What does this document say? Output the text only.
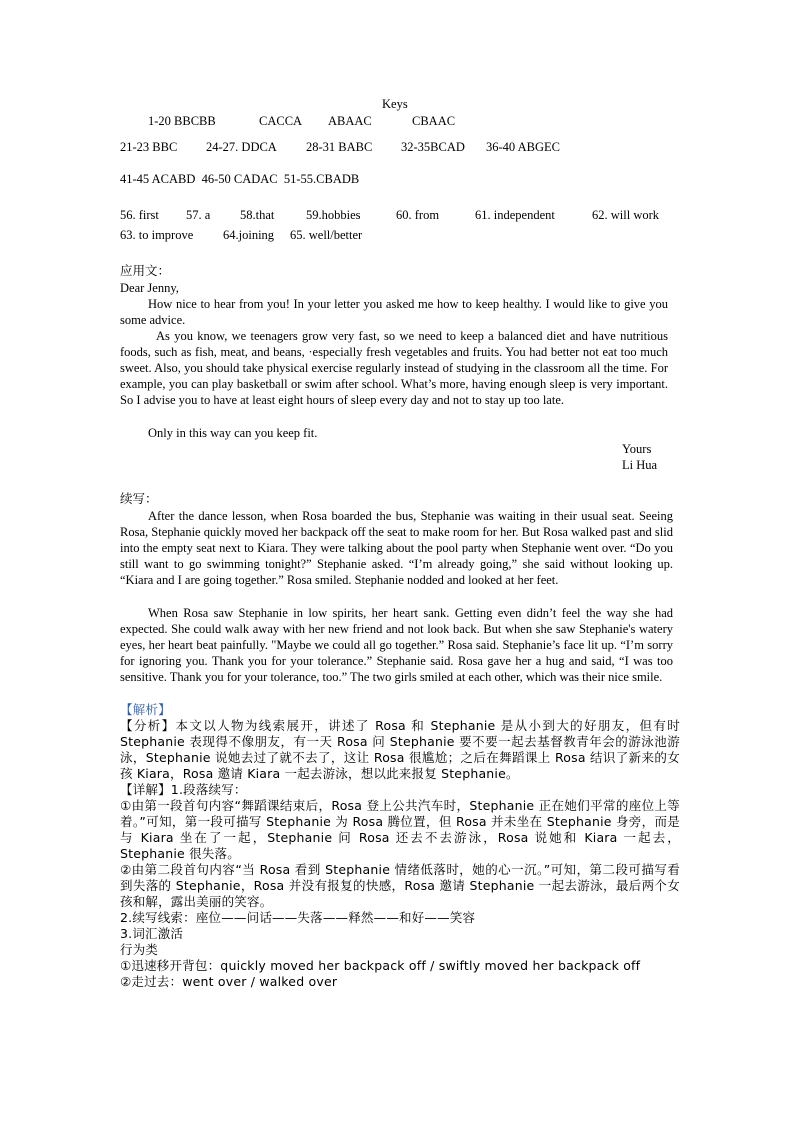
Keys
1-20 BBCBB	CACCA ABAAC	CBAAC
21-23 BBC 24-27. DDCA 28-31 BABC 32-35BCAD 36-40 ABGEC
41-45 ACABD  46-50 CADAC  51-55.CBADB
56. first 57. a 58.that	59.hobbies	60. from	61. independent	62. will work
63. to improve 64.joining 65. well/better
应用文：
Dear Jenny,
How nice to hear from you! In your letter you asked me how to keep healthy. I would like to give you some advice.
As you know, we teenagers grow very fast, so we need to keep a balanced diet and have nutritious foods, such as fish, meat, and beans, ·especially fresh vegetables and fruits. You had better not eat too much sweet. Also, you should take physical exercise regularly instead of studying in the classroom all the time. For example, you can play basketball or swim after school. What’s more, having enough sleep is very important. So I advise you to have at least eight hours of sleep every day and not to stay up too late.
Only in this way can you keep fit.
Yours
Li Hua
续写：
After the dance lesson, when Rosa boarded the bus, Stephanie was waiting in their usual seat. Seeing Rosa, Stephanie quickly moved her backpack off the seat to make room for her. But Rosa walked past and slid into the empty seat next to Kiara. They were talking about the pool party when Stephanie went over. “Do you still want to go swimming tonight?” Stephanie asked. “I’m already going,” she said without looking up. “Kiara and I are going together.” Rosa smiled. Stephanie nodded and looked at her feet.
When Rosa saw Stephanie in low spirits, her heart sank. Getting even didn’t feel the way she had expected. She could walk away with her new friend and not look back. But when she saw Stephanie's watery eyes, her heart beat painfully. "Maybe we could all go together.” Rosa said. Stephanie’s face lit up. “I’m sorry for ignoring you. Thank you for your tolerance.” Stephanie said. Rosa gave her a hug and said, “I was too sensitive. Thank you for your tolerance, too.” The two girls smiled at each other, which was their nice smile.

【解析】

【分析】本文以人物为线索展开，讲述了 Rosa 和 Stephanie 是从小到大的好朋友，但有时 Stephanie 表现得不像朋友，有一天 Rosa 问 Stephanie 要不要一起去基督教青年会的游泳池游泳，Stephanie 说她去过了就不去了，这让 Rosa 很尴尬；之后在舞蹈课上 Rosa 结识了新来的女孩 Kiara，Rosa 邀请 Kiara 一起去游泳，想以此来报复 Stephanie。

【详解】1.段落续写：

①由第一段首句内容“舞蹈课结束后，Rosa 登上公共汽车时，Stephanie 正在她们平常的座位上等着。”可知，第一段可描写 Stephanie 为 Rosa 腾位置，但 Rosa 并未坐在 Stephanie 身旁，而是与 Kiara 坐在了一起，Stephanie 问 Rosa 还去不去游泳，Rosa 说她和 Kiara 一起去，Stephanie 很失落。

②由第二段首句内容“当 Rosa 看到 Stephanie 情绪低落时，她的心一沉。”可知，第二段可描写看到失落的 Stephanie，Rosa 并没有报复的快感，Rosa 邀请 Stephanie 一起去游泳，最后两个女孩和解，露出美丽的笑容。

2.续写线索：座位——问话——失落——释然——和好——笑容

3.词汇激活

行为类

①迅速移开背包：quickly moved her backpack off / swiftly moved her backpack off

②走过去：went over / walked over
